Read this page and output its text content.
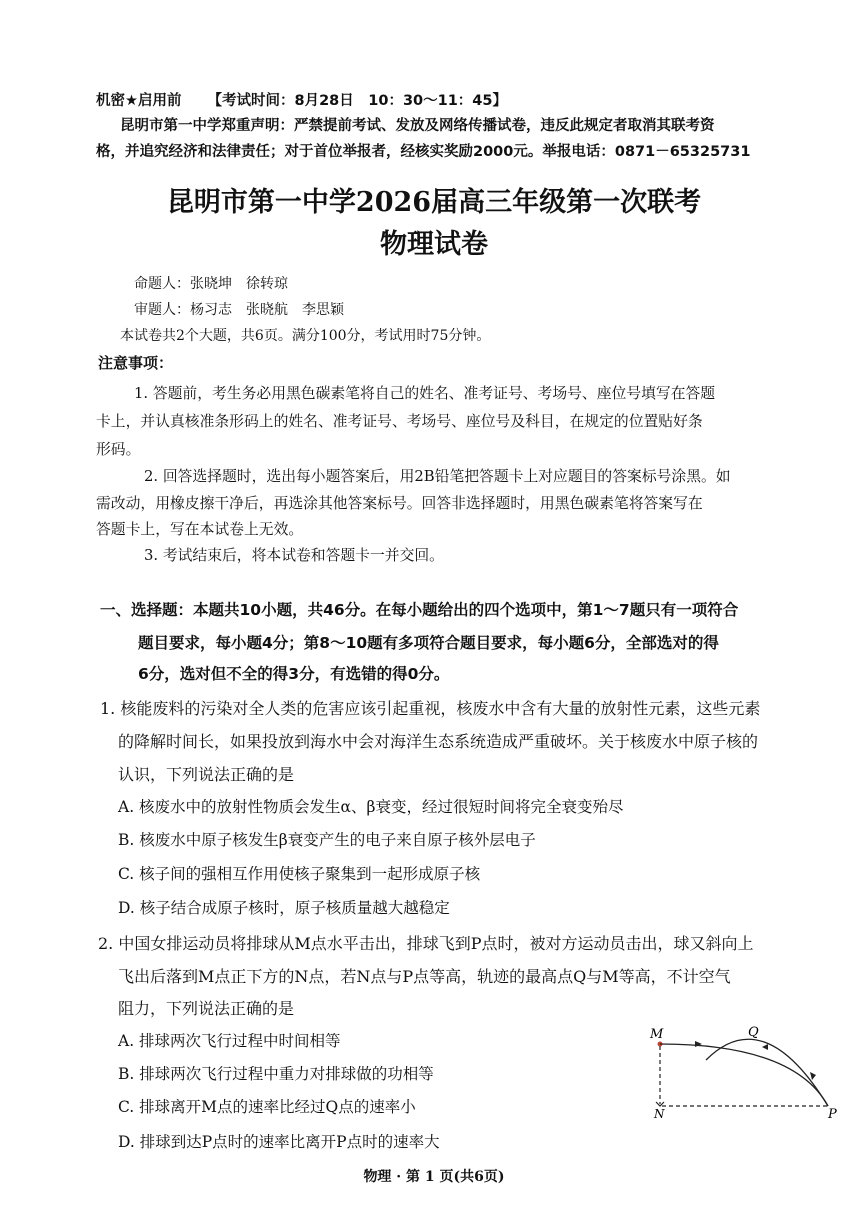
机密★启用前 【考试时间：8月28日　10：30～11：45】
昆明市第一中学郑重声明：严禁提前考试、发放及网络传播试卷，违反此规定者取消其联考资
格，并追究经济和法律责任；对于首位举报者，经核实奖励2000元。举报电话：0871－65325731
昆明市第一中学2026届高三年级第一次联考
物理试卷
命题人：张晓坤　徐转琼
审题人：杨习志　张晓航　李思颖
本试卷共2个大题，共6页。满分100分，考试用时75分钟。
注意事项：
1. 答题前，考生务必用黑色碳素笔将自己的姓名、准考证号、考场号、座位号填写在答题
卡上，并认真核准条形码上的姓名、准考证号、考场号、座位号及科目，在规定的位置贴好条
形码。
2. 回答选择题时，选出每小题答案后，用2B铅笔把答题卡上对应题目的答案标号涂黑。如
需改动，用橡皮擦干净后，再选涂其他答案标号。回答非选择题时，用黑色碳素笔将答案写在
答题卡上，写在本试卷上无效。
3. 考试结束后，将本试卷和答题卡一并交回。
一、选择题：本题共10小题，共46分。在每小题给出的四个选项中，第1～7题只有一项符合
题目要求，每小题4分；第8～10题有多项符合题目要求，每小题6分，全部选对的得
6分，选对但不全的得3分，有选错的得0分。
1. 核能废料的污染对全人类的危害应该引起重视，核废水中含有大量的放射性元素，这些元素
的降解时间长，如果投放到海水中会对海洋生态系统造成严重破坏。关于核废水中原子核的
认识，下列说法正确的是
A. 核废水中的放射性物质会发生α、β衰变，经过很短时间将完全衰变殆尽
B. 核废水中原子核发生β衰变产生的电子来自原子核外层电子
C. 核子间的强相互作用使核子聚集到一起形成原子核
D. 核子结合成原子核时，原子核质量越大越稳定
2. 中国女排运动员将排球从M点水平击出，排球飞到P点时，被对方运动员击出，球又斜向上
飞出后落到M点正下方的N点，若N点与P点等高，轨迹的最高点Q与M等高，不计空气
阻力，下列说法正确的是
A. 排球两次飞行过程中时间相等
B. 排球两次飞行过程中重力对排球做的功相等
C. 排球离开M点的速率比经过Q点的速率小
D. 排球到达P点时的速率比离开P点时的速率大
M	Q
N	P
物理 · 第 1 页(共6页)
